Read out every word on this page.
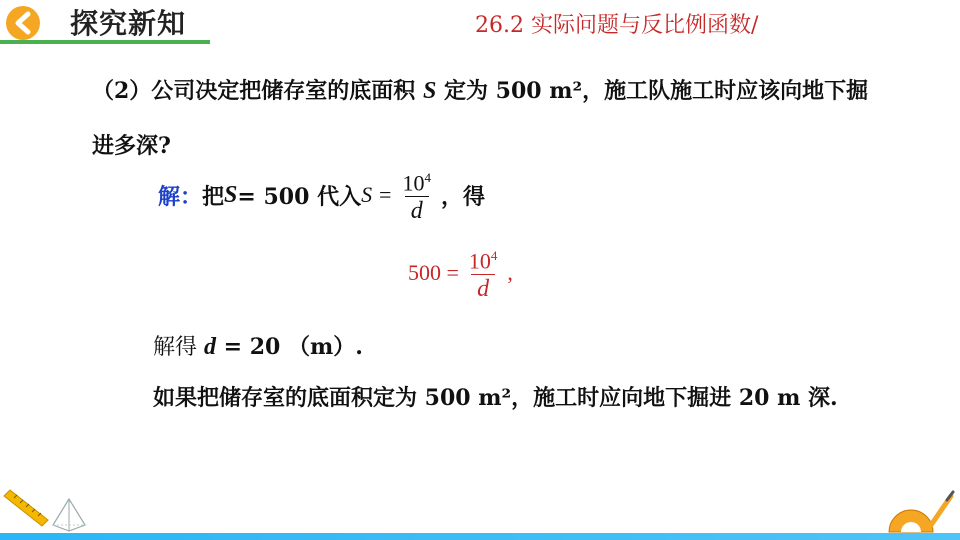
探究新知	26.2 实际问题与反比例函数/
（2）公司决定把储存室的底面积 S 定为 500 m²，施工队施工时应该向地下掘进多深?
解 ： 把 S = 500 代入 $S = \frac{10^4}{d}$ ，得
$500 = \frac{10^4}{d}$ ,
解得 d = 20 （m）.
如果把储存室的底面积定为 500 m²，施工时应向地下掘进 20 m 深.
